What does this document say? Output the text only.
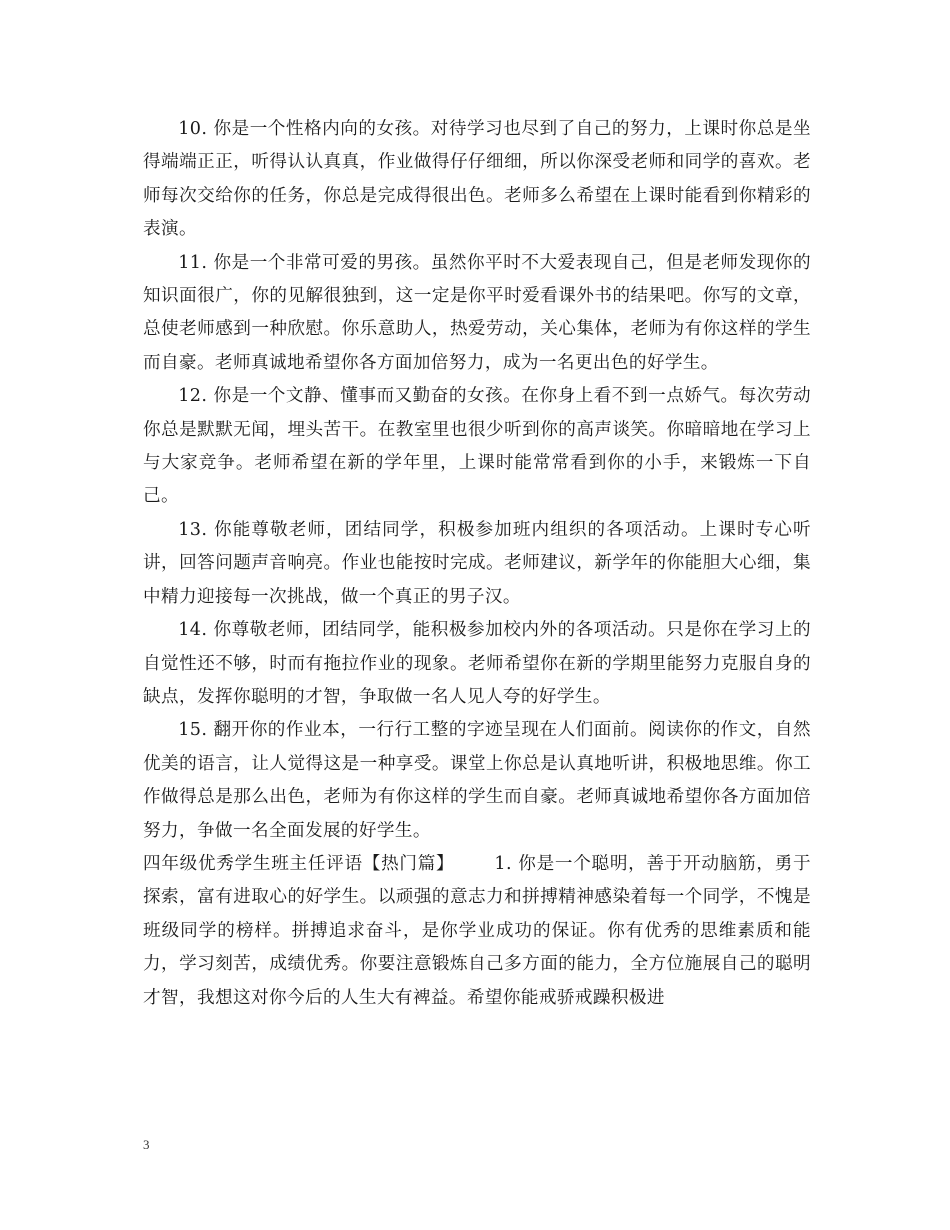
10. 你是一个性格内向的女孩。对待学习也尽到了自己的努力，上课时你总是坐得端端正正，听得认认真真，作业做得仔仔细细，所以你深受老师和同学的喜欢。老师每次交给你的任务，你总是完成得很出色。老师多么希望在上课时能看到你精彩的表演。

11. 你是一个非常可爱的男孩。虽然你平时不大爱表现自己，但是老师发现你的知识面很广，你的见解很独到，这一定是你平时爱看课外书的结果吧。你写的文章，总使老师感到一种欣慰。你乐意助人，热爱劳动，关心集体，老师为有你这样的学生而自豪。老师真诚地希望你各方面加倍努力，成为一名更出色的好学生。

12. 你是一个文静、懂事而又勤奋的女孩。在你身上看不到一点娇气。每次劳动你总是默默无闻，埋头苦干。在教室里也很少听到你的高声谈笑。你暗暗地在学习上与大家竞争。老师希望在新的学年里，上课时能常常看到你的小手，来锻炼一下自己。

13. 你能尊敬老师，团结同学，积极参加班内组织的各项活动。上课时专心听讲，回答问题声音响亮。作业也能按时完成。老师建议，新学年的你能胆大心细，集中精力迎接每一次挑战，做一个真正的男子汉。

14. 你尊敬老师，团结同学，能积极参加校内外的各项活动。只是你在学习上的自觉性还不够，时而有拖拉作业的现象。老师希望你在新的学期里能努力克服自身的缺点，发挥你聪明的才智，争取做一名人见人夸的好学生。

15. 翻开你的作业本，一行行工整的字迹呈现在人们面前。阅读你的作文，自然优美的语言，让人觉得这是一种享受。课堂上你总是认真地听讲，积极地思维。你工作做得总是那么出色，老师为有你这样的学生而自豪。老师真诚地希望你各方面加倍努力，争做一名全面发展的好学生。

四年级优秀学生班主任评语【热门篇】 1. 你是一个聪明，善于开动脑筋，勇于探索，富有进取心的好学生。以顽强的意志力和拼搏精神感染着每一个同学，不愧是班级同学的榜样。拼搏追求奋斗，是你学业成功的保证。你有优秀的思维素质和能力，学习刻苦，成绩优秀。你要注意锻炼自己多方面的能力，全方位施展自己的聪明才智，我想这对你今后的人生大有裨益。希望你能戒骄戒躁积极进

3
